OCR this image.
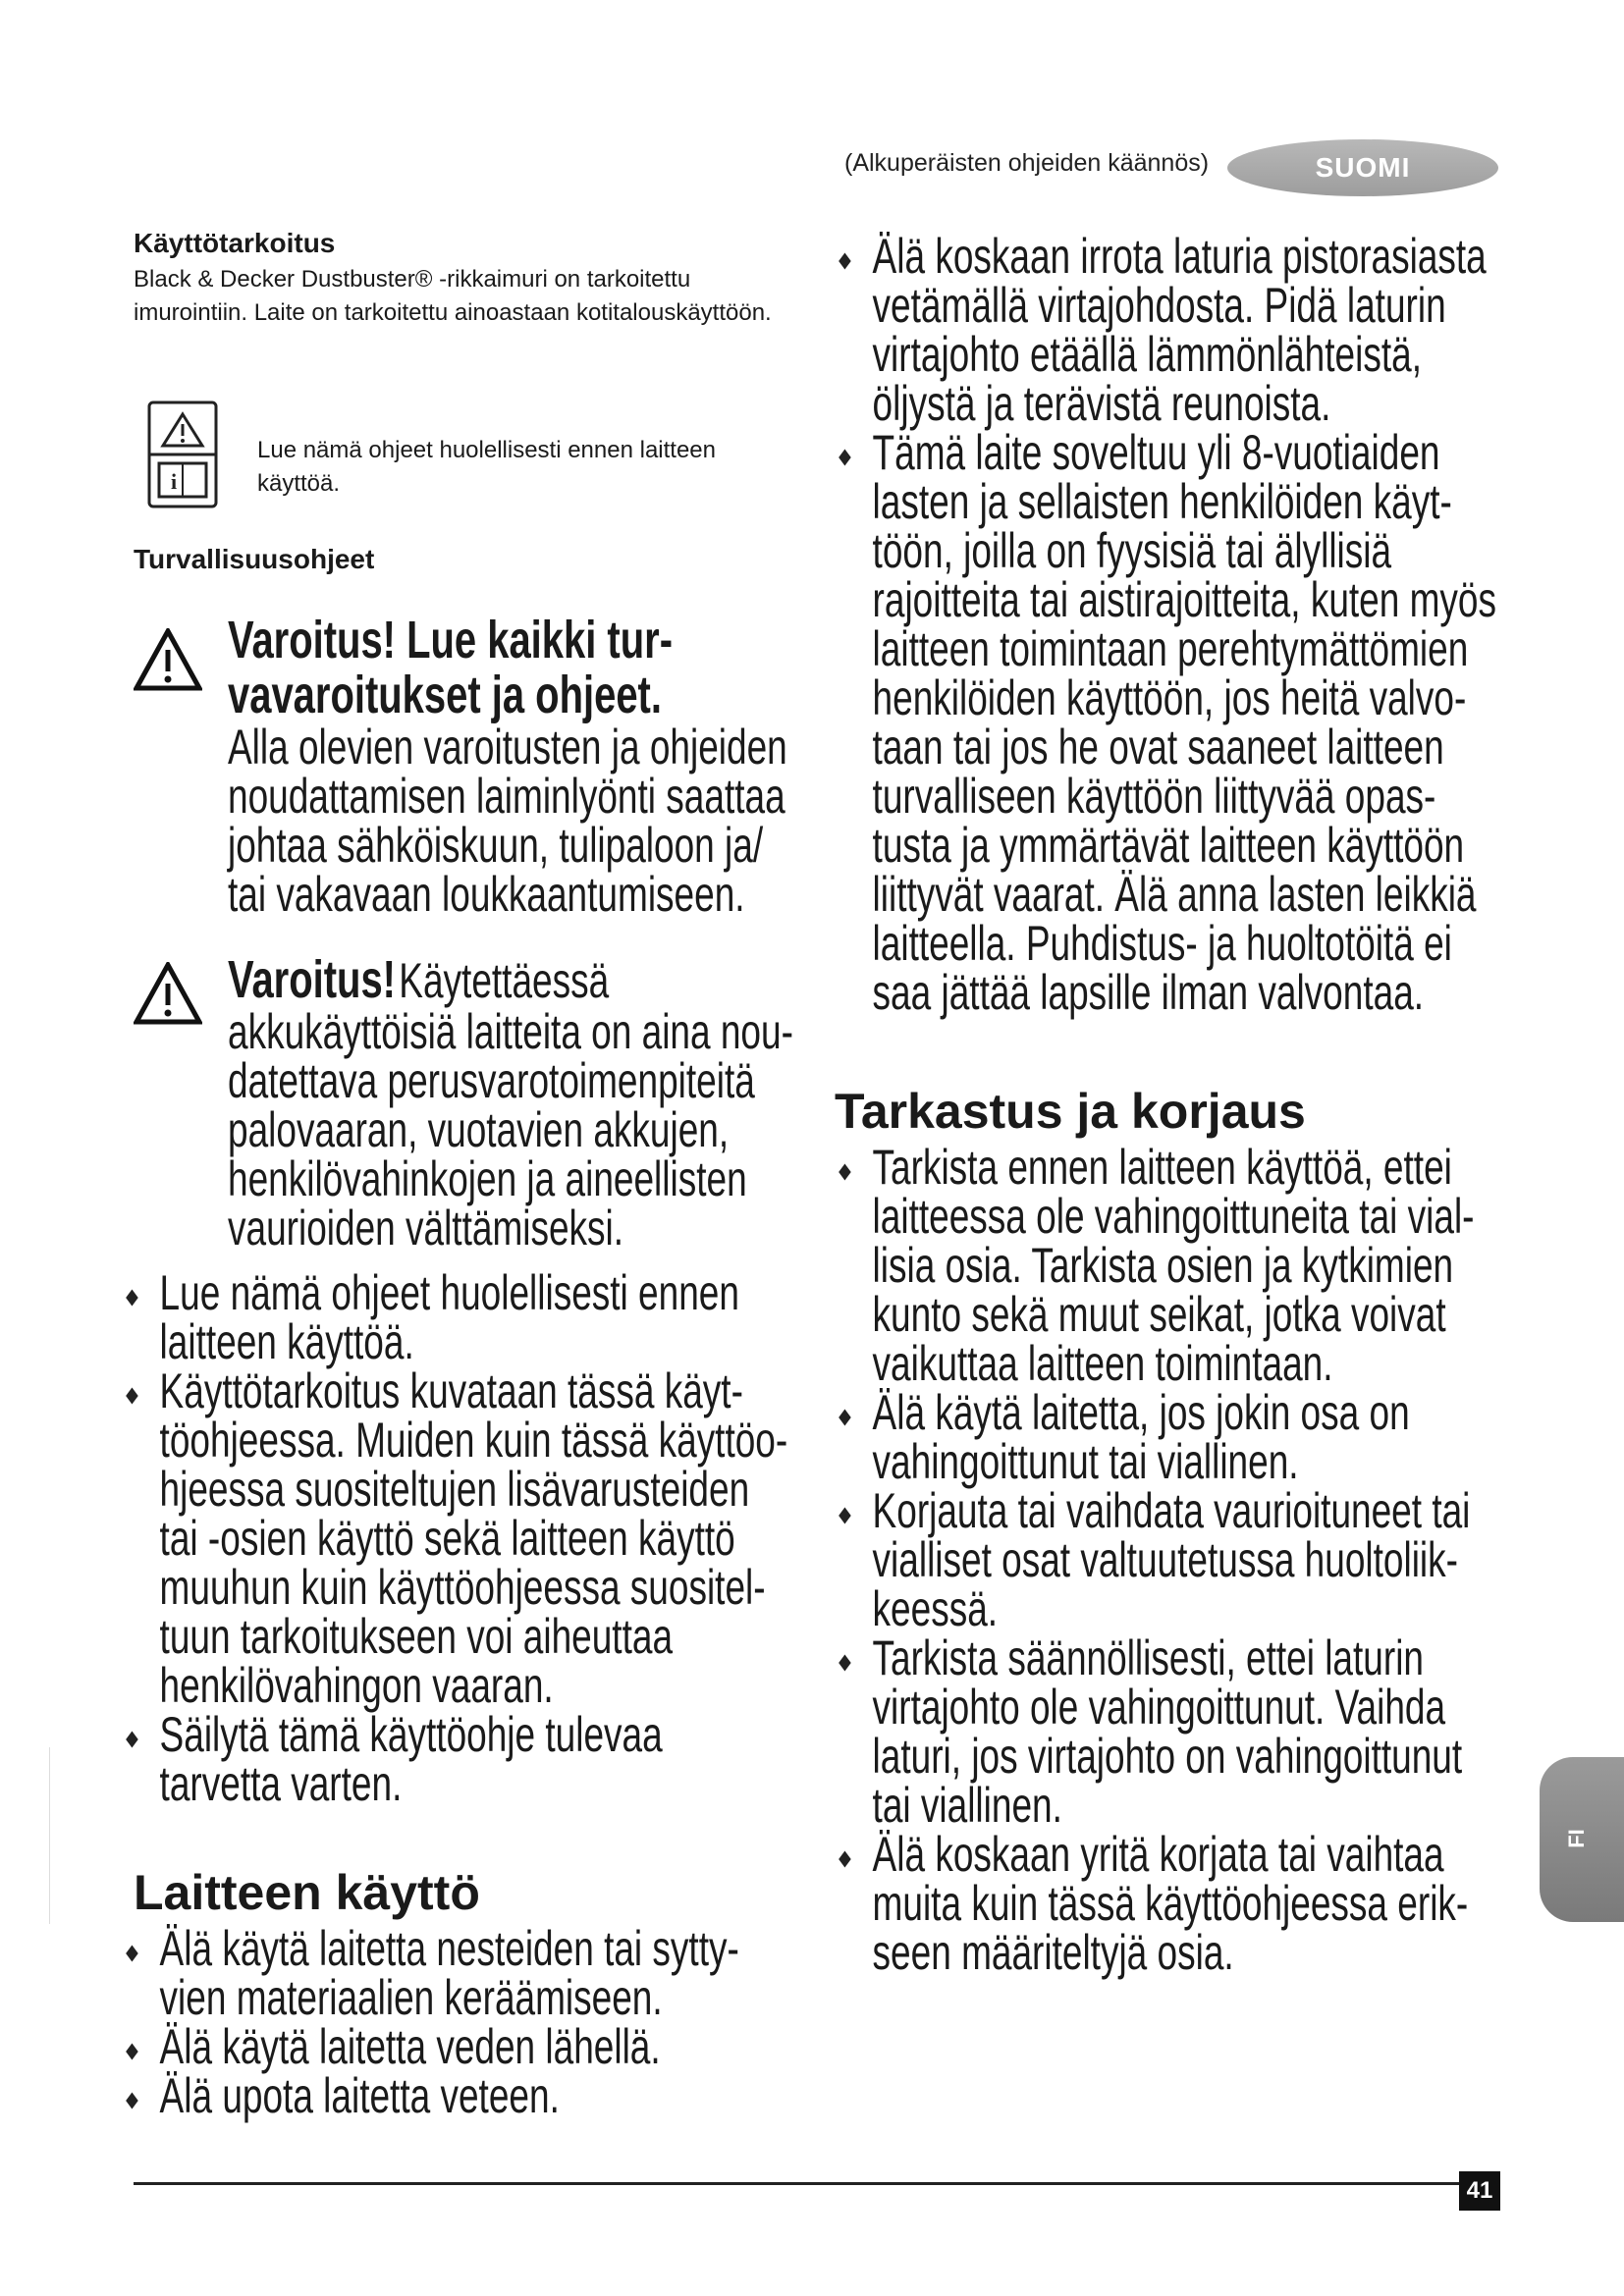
(Alkuperäisten ohjeiden käännös)	SUOMI

Käyttötarkoitus

Black & Decker Dustbuster® -rikkaimuri on tarkoitettu

imurointiin. Laite on tarkoitettu ainoastaan kotitalouskäyttöön.

i
Lue nämä ohjeet huolellisesti ennen laitteen
käyttöä.

Turvallisuusohjeet

Varoitus! Lue kaikki tur-
vavaroitukset ja ohjeet.
Alla olevien varoitusten ja ohjeiden
noudattamisen laiminlyönti saattaa
johtaa sähköiskuun, tulipaloon ja/
tai vakavaan loukkaantumiseen.
Varoitus! Käytettäessä
akkukäyttöisiä laitteita on aina nou-
datettava perusvarotoimenpiteitä
palovaaran, vuotavien akkujen,
henkilövahinkojen ja aineellisten
vaurioiden välttämiseksi.
Lue nämä ohjeet huolellisesti ennen
laitteen käyttöä.
Käyttötarkoitus kuvataan tässä käyt-
töohjeessa. Muiden kuin tässä käyttöo-
hjeessa suositeltujen lisävarusteiden
tai -osien käyttö sekä laitteen käyttö
muuhun kuin käyttöohjeessa suositel-
tuun tarkoitukseen voi aiheuttaa
henkilövahingon vaaran.
Säilytä tämä käyttöohje tulevaa
tarvetta varten.

Laitteen käyttö

Älä käytä laitetta nesteiden tai sytty-
vien materiaalien keräämiseen.
Älä käytä laitetta veden lähellä.
Älä upota laitetta veteen.
Älä koskaan irrota laturia pistorasiasta
vetämällä virtajohdosta. Pidä laturin
virtajohto etäällä lämmönlähteistä,
öljystä ja terävistä reunoista.
Tämä laite soveltuu yli 8-vuotiaiden
lasten ja sellaisten henkilöiden käyt-
töön, joilla on fyysisiä tai älyllisiä
rajoitteita tai aistirajoitteita, kuten myös
laitteen toimintaan perehtymättömien
henkilöiden käyttöön, jos heitä valvo-
taan tai jos he ovat saaneet laitteen
turvalliseen käyttöön liittyvää opas-
tusta ja ymmärtävät laitteen käyttöön
liittyvät vaarat. Älä anna lasten leikkiä
laitteella. Puhdistus- ja huoltotöitä ei
saa jättää lapsille ilman valvontaa.

Tarkastus ja korjaus

Tarkista ennen laitteen käyttöä, ettei
laitteessa ole vahingoittuneita tai vial-
lisia osia. Tarkista osien ja kytkimien
kunto sekä muut seikat, jotka voivat
vaikuttaa laitteen toimintaan.
Älä käytä laitetta, jos jokin osa on
vahingoittunut tai viallinen.
Korjauta tai vaihdata vaurioituneet tai
vialliset osat valtuutetussa huoltoliik-
keessä.
Tarkista säännöllisesti, ettei laturin
virtajohto ole vahingoittunut. Vaihda
laturi, jos virtajohto on vahingoittunut
tai viallinen.
Älä koskaan yritä korjata tai vaihtaa
muita kuin tässä käyttöohjeessa erik-
seen määriteltyjä osia.
FI
41
